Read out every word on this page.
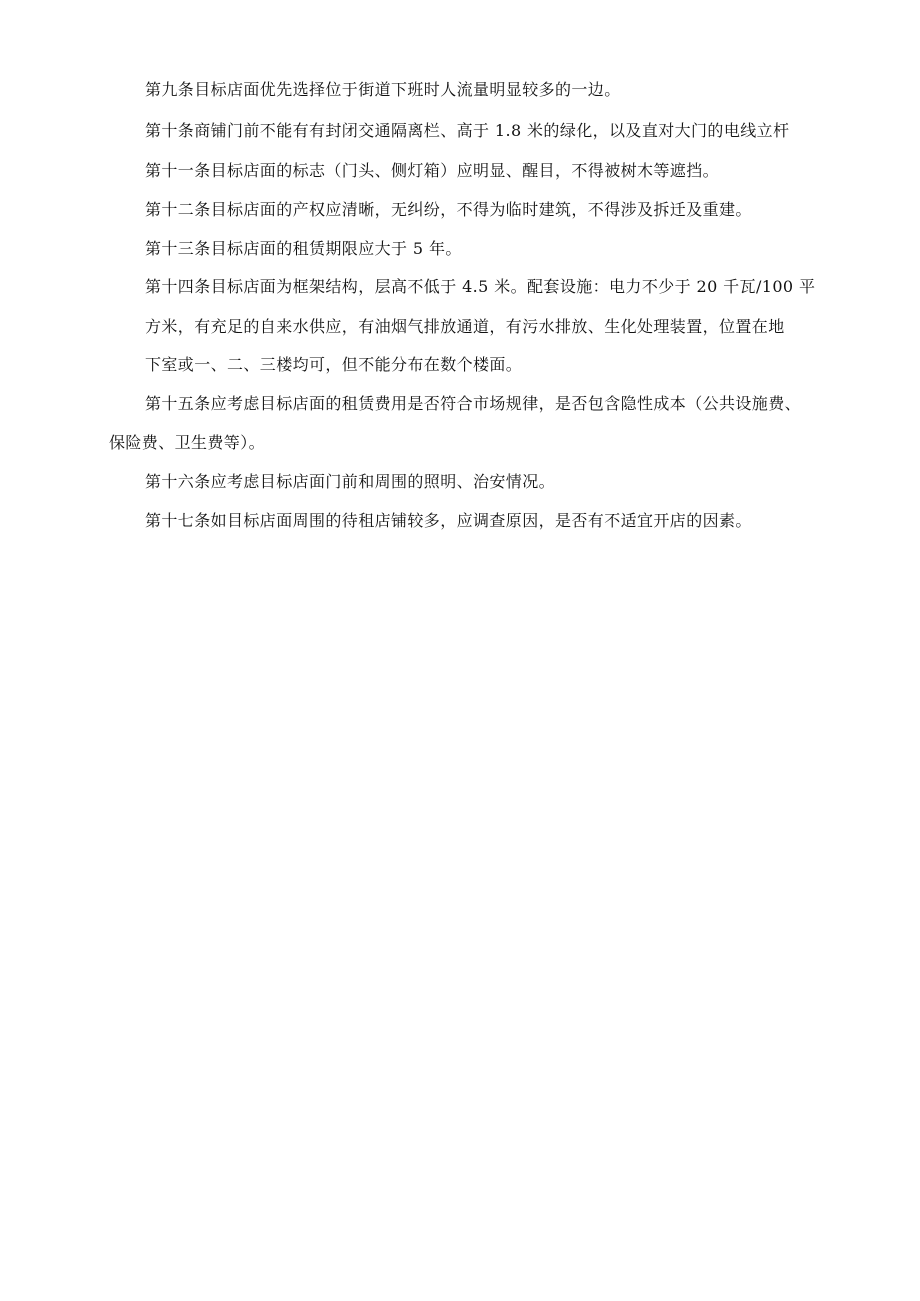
第九条目标店面优先选择位于街道下班时人流量明显较多的一边。
第十条商铺门前不能有有封闭交通隔离栏、高于 1.8 米的绿化，以及直对大门的电线立杆
第十一条目标店面的标志（门头、侧灯箱）应明显、醒目，不得被树木等遮挡。
第十二条目标店面的产权应清晰，无纠纷，不得为临时建筑，不得涉及拆迁及重建。
第十三条目标店面的租赁期限应大于 5 年。
第十四条目标店面为框架结构，层高不低于 4.5 米。配套设施：电力不少于 20 千瓦/100 平
方米，有充足的自来水供应，有油烟气排放通道，有污水排放、生化处理装置，位置在地
下室或一、二、三楼均可，但不能分布在数个楼面。
第十五条应考虑目标店面的租赁费用是否符合市场规律，是否包含隐性成本（公共设施费、
保险费、卫生费等）。
第十六条应考虑目标店面门前和周围的照明、治安情况。
第十七条如目标店面周围的待租店铺较多，应调查原因，是否有不适宜开店的因素。
